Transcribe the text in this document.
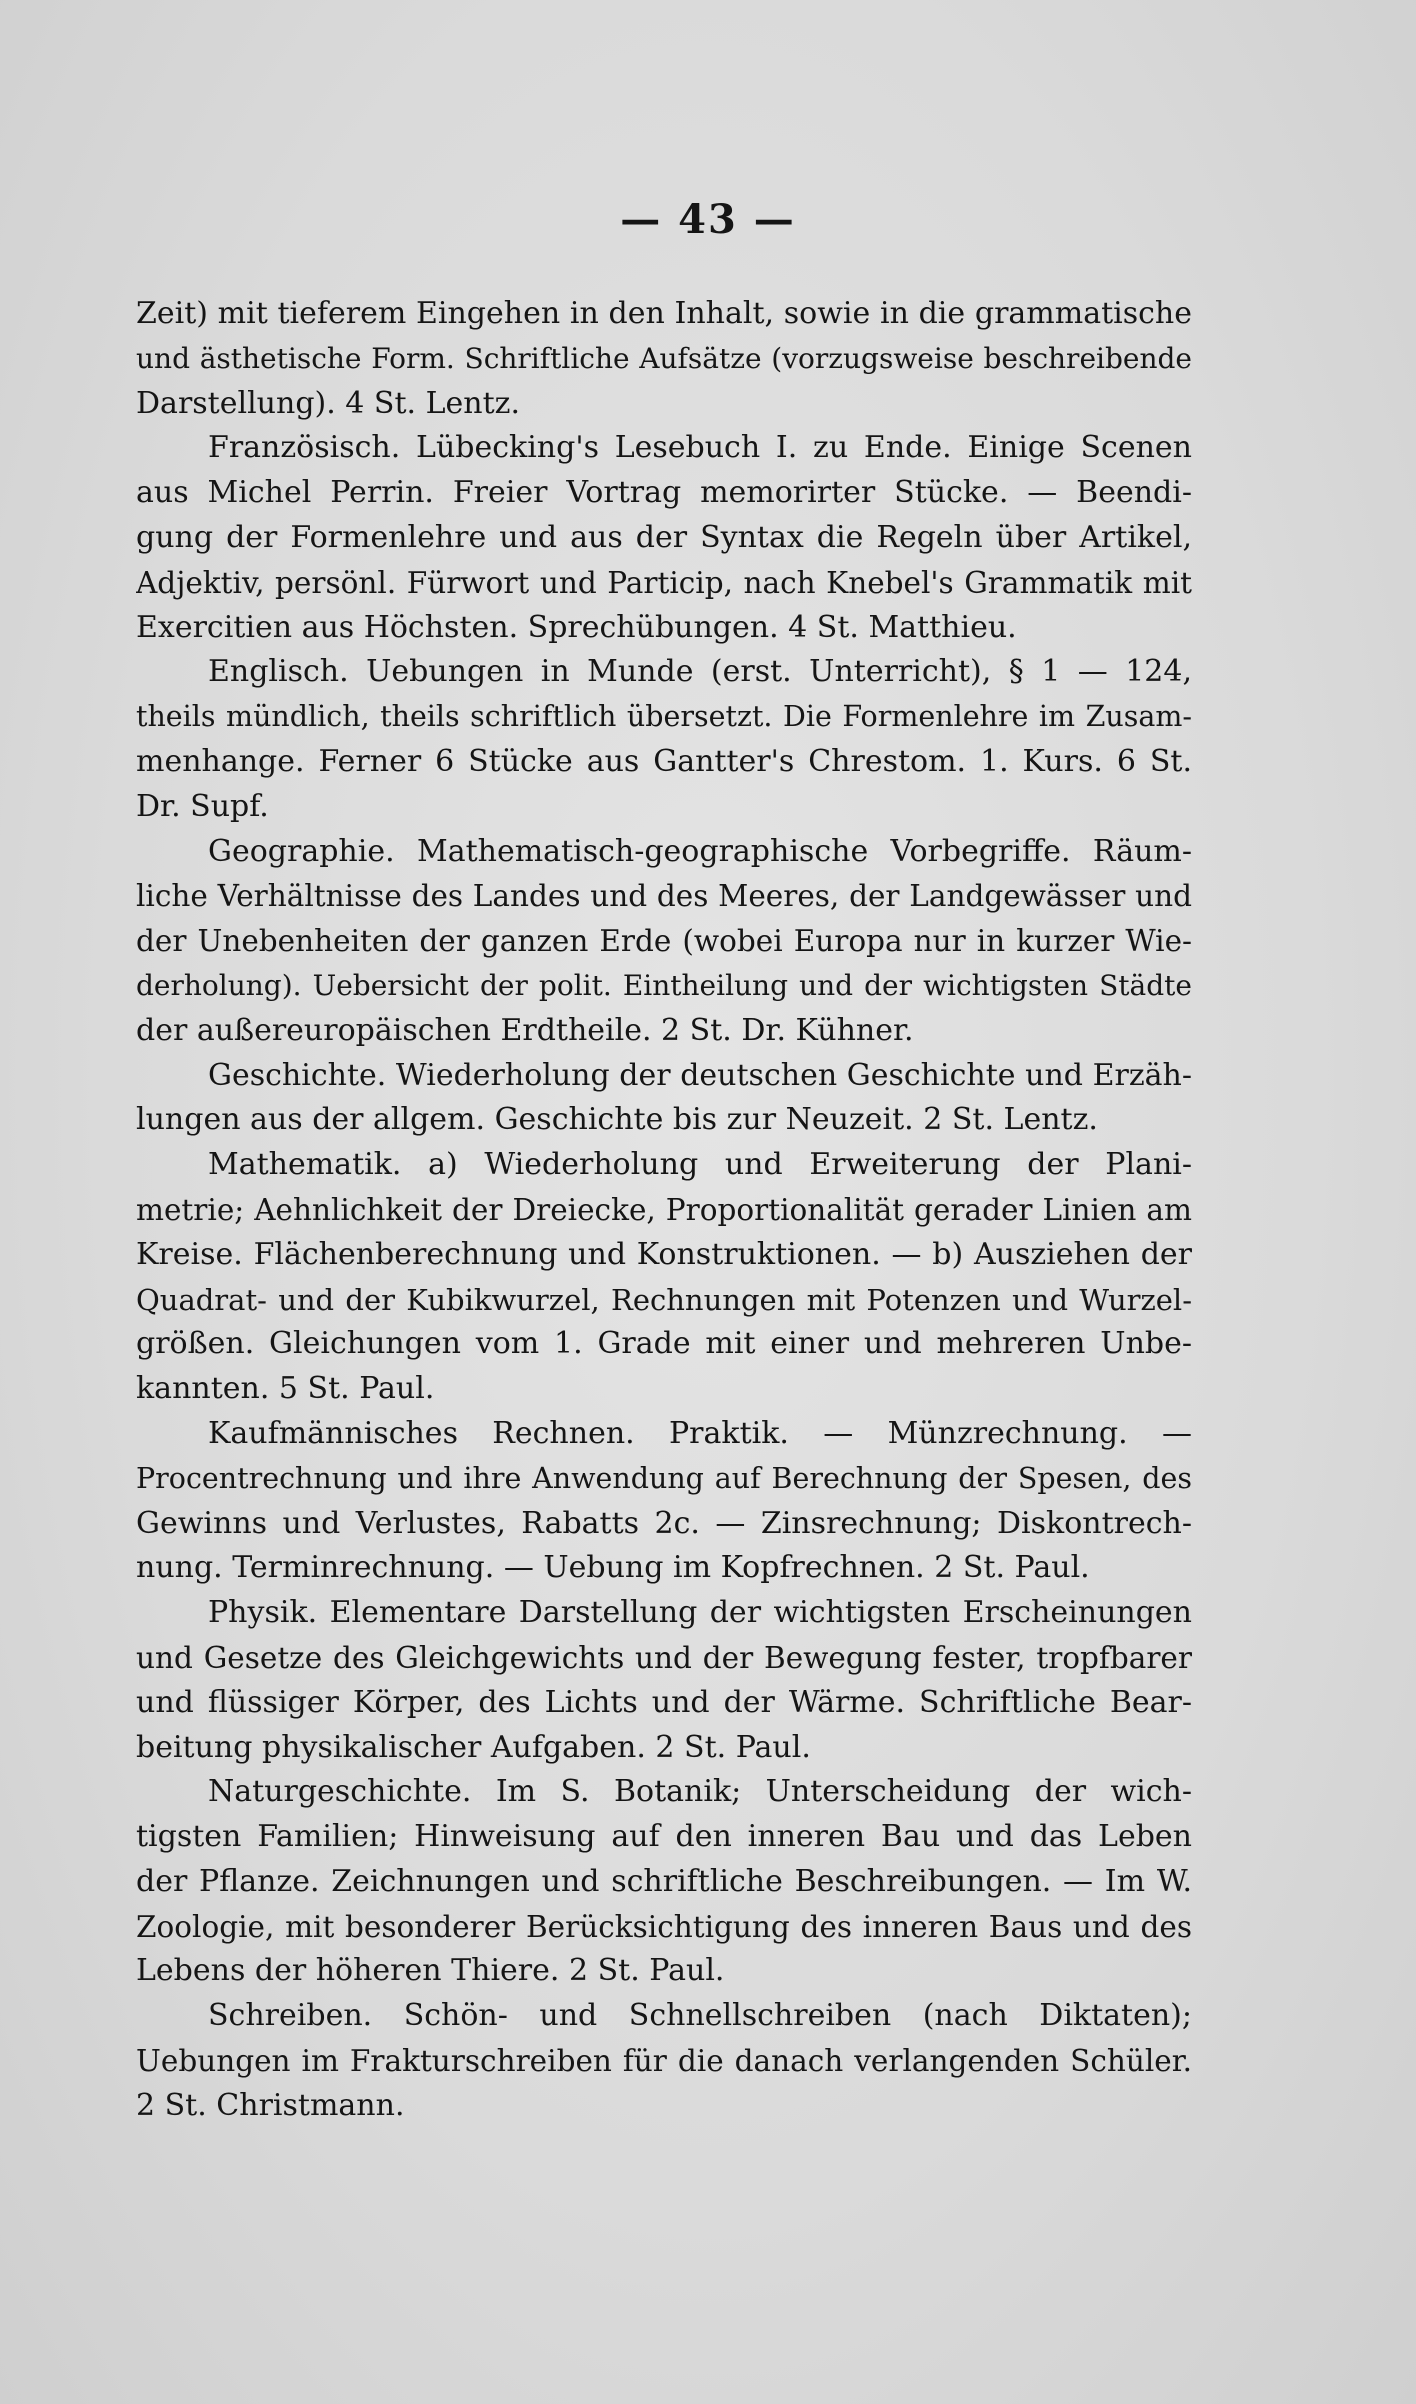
— 43 —
Zeit) mit tieferem Eingehen in den Inhalt, sowie in die grammatische
und ästhetische Form. Schriftliche Aufsätze (vorzugsweise beschreibende
Darstellung). 4 St. Lentz.
Französisch. Lübecking's Lesebuch I. zu Ende. Einige Scenen
aus Michel Perrin. Freier Vortrag memorirter Stücke. — Beendi-
gung der Formenlehre und aus der Syntax die Regeln über Artikel,
Adjektiv, persönl. Fürwort und Particip, nach Knebel's Grammatik mit
Exercitien aus Höchsten. Sprechübungen. 4 St. Matthieu.
Englisch. Uebungen in Munde (erst. Unterricht), § 1 — 124,
theils mündlich, theils schriftlich übersetzt. Die Formenlehre im Zusam-
menhange. Ferner 6 Stücke aus Gantter's Chrestom. 1. Kurs. 6 St.
Dr. Supf.
Geographie. Mathematisch-geographische Vorbegriffe. Räum-
liche Verhältnisse des Landes und des Meeres, der Landgewässer und
der Unebenheiten der ganzen Erde (wobei Europa nur in kurzer Wie-
derholung). Uebersicht der polit. Eintheilung und der wichtigsten Städte
der außereuropäischen Erdtheile. 2 St. Dr. Kühner.
Geschichte. Wiederholung der deutschen Geschichte und Erzäh-
lungen aus der allgem. Geschichte bis zur Neuzeit. 2 St. Lentz.
Mathematik. a) Wiederholung und Erweiterung der Plani-
metrie; Aehnlichkeit der Dreiecke, Proportionalität gerader Linien am
Kreise. Flächenberechnung und Konstruktionen. — b) Ausziehen der
Quadrat- und der Kubikwurzel, Rechnungen mit Potenzen und Wurzel-
größen. Gleichungen vom 1. Grade mit einer und mehreren Unbe-
kannten. 5 St. Paul.
Kaufmännisches Rechnen. Praktik. — Münzrechnung. —
Procentrechnung und ihre Anwendung auf Berechnung der Spesen, des
Gewinns und Verlustes, Rabatts 2c. — Zinsrechnung; Diskontrech-
nung. Terminrechnung. — Uebung im Kopfrechnen. 2 St. Paul.
Physik. Elementare Darstellung der wichtigsten Erscheinungen
und Gesetze des Gleichgewichts und der Bewegung fester, tropfbarer
und flüssiger Körper, des Lichts und der Wärme. Schriftliche Bear-
beitung physikalischer Aufgaben. 2 St. Paul.
Naturgeschichte. Im S. Botanik; Unterscheidung der wich-
tigsten Familien; Hinweisung auf den inneren Bau und das Leben
der Pflanze. Zeichnungen und schriftliche Beschreibungen. — Im W.
Zoologie, mit besonderer Berücksichtigung des inneren Baus und des
Lebens der höheren Thiere. 2 St. Paul.
Schreiben. Schön- und Schnellschreiben (nach Diktaten);
Uebungen im Frakturschreiben für die danach verlangenden Schüler.
2 St. Christmann.
